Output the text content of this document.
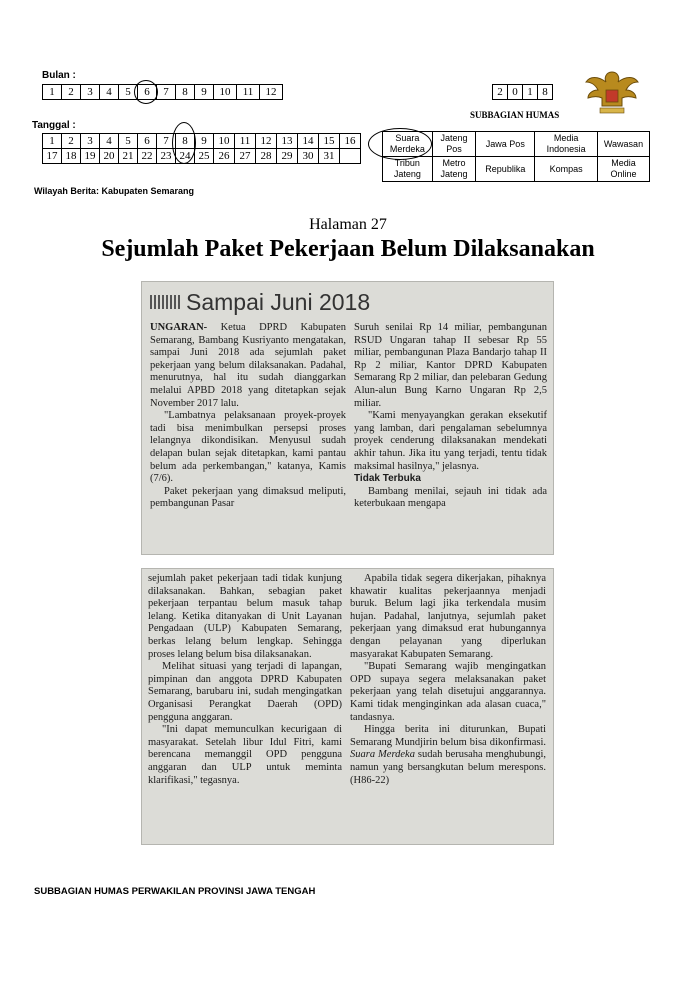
Bulan :
1	2	3	4	5	6	7	8	9	10	11	12
Tanggal :
1	2	3	4	5	6	7	8	9	10	11	12	13	14	15	16
17	18	19	20	21	22	23	24	25	26	27	28	29	30	31	
2	0	1	8
SUBBAGIAN HUMAS
Suara Merdeka	Jateng Pos	Jawa Pos	Media Indonesia	Wawasan
Tribun Jateng	Metro Jateng	Republika	Kompas	Media Online
Wilayah Berita: Kabupaten Semarang
Halaman 27
Sejumlah Paket Pekerjaan Belum Dilaksanakan
Sampai Juni 2018

UNGARAN- Ketua DPRD Kabupaten Semarang, Bambang Kusriyanto mengatakan, sampai Juni 2018 ada sejumlah paket pekerjaan yang belum dilaksanakan. Padahal, menurutnya, hal itu sudah dianggarkan melalui APBD 2018 yang ditetapkan sejak November 2017 lalu.

"Lambatnya pelaksanaan proyek-proyek tadi bisa menimbulkan persepsi proses lelangnya dikondisikan. Menyusul sudah delapan bulan sejak ditetapkan, kami pantau belum ada perkembangan," katanya, Kamis (7/6).

Paket pekerjaan yang dimaksud meliputi, pembangunan Pasar

Suruh senilai Rp 14 miliar, pembangunan RSUD Ungaran tahap II sebesar Rp 55 miliar, pembangunan Plaza Bandarjo tahap II Rp 2 miliar, Kantor DPRD Kabupaten Semarang Rp 2 miliar, dan pelebaran Gedung Alun-alun Bung Karno Ungaran Rp 2,5 miliar.

"Kami menyayangkan gerakan eksekutif yang lamban, dari pengalaman sebelumnya proyek cenderung dilaksanakan mendekati akhir tahun. Jika itu yang terjadi, tentu tidak maksimal hasilnya," jelasnya.

Tidak Terbuka

Bambang menilai, sejauh ini tidak ada keterbukaan mengapa

sejumlah paket pekerjaan tadi tidak kunjung dilaksanakan. Bahkan, sebagian paket pekerjaan terpantau belum masuk tahap lelang. Ketika ditanyakan di Unit Layanan Pengadaan (ULP) Kabupaten Semarang, berkas lelang belum lengkap. Sehingga proses lelang belum bisa dilaksanakan.

Melihat situasi yang terjadi di lapangan, pimpinan dan anggota DPRD Kabupaten Semarang, barubaru ini, sudah mengingatkan Organisasi Perangkat Daerah (OPD) pengguna anggaran.

"Ini dapat memunculkan kecurigaan di masyarakat. Setelah libur Idul Fitri, kami berencana memanggil OPD pengguna anggaran dan ULP untuk meminta klarifikasi," tegasnya.

Apabila tidak segera dikerjakan, pihaknya khawatir kualitas pekerjaannya menjadi buruk. Belum lagi jika terkendala musim hujan. Padahal, lanjutnya, sejumlah paket pekerjaan yang dimaksud erat hubungannya dengan pelayanan yang diperlukan masyarakat Kabupaten Semarang.

"Bupati Semarang wajib mengingatkan OPD supaya segera melaksanakan paket pekerjaan yang telah disetujui anggarannya. Kami tidak menginginkan ada alasan cuaca," tandasnya.

Hingga berita ini diturunkan, Bupati Semarang Mundjirin belum bisa dikonfirmasi. Suara Merdeka sudah berusaha menghubungi, namun yang bersangkutan belum merespons. (H86-22)

SUBBAGIAN HUMAS PERWAKILAN PROVINSI JAWA TENGAH
